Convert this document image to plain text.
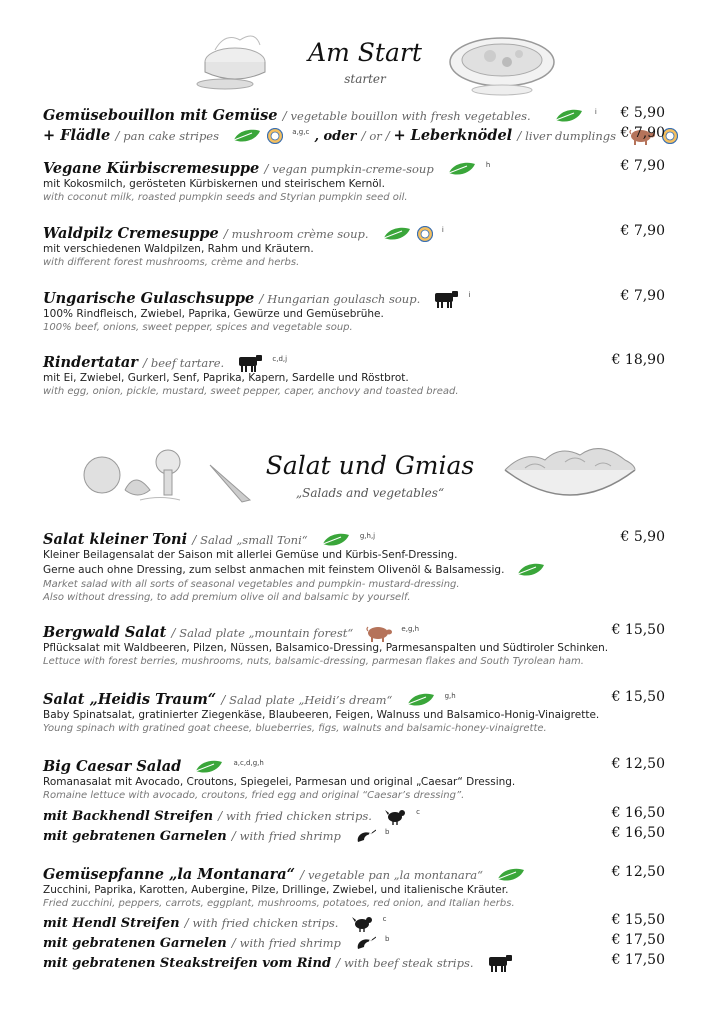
Am Start
starter
Salat und Gmias
„Salads and vegetables“
Gemüsebouillon mit Gemüse / vegetable bouillon with fresh vegetables.	$^i$ € 5,90
+ Flädle / pan cake stripes	$^{a,g,c}$ , oder / or / + Leberknödel / liver dumplings € 7,90
Vegane Kürbiscremesuppe / vegan pumpkin-creme-soup	$^h$	€ 7,90
mit Kokosmilch, gerösteten Kürbiskernen und steirischem Kernöl.
with coconut milk, roasted pumpkin seeds and Styrian pumpkin seed oil.
Waldpilz Cremesuppe / mushroom crème soup.	$^i$	€ 7,90
mit verschiedenen Waldpilzen, Rahm und Kräutern.
with different forest mushrooms, crème and herbs.
Ungarische Gulaschsuppe / Hungarian goulasch soup.	$^i$	€ 7,90
100% Rindfleisch, Zwiebel, Paprika, Gewürze und Gemüsebrühe.
100% beef, onions, sweet pepper, spices and vegetable soup.
Rindertatar / beef tartare.	$^{c,d,j}$	€ 18,90
mit Ei, Zwiebel, Gurkerl, Senf, Paprika, Kapern, Sardelle und Röstbrot.
with egg, onion, pickle, mustard, sweet pepper, caper, anchovy and toasted bread.
Salat kleiner Toni / Salad „small Toni“	$^{g,h,j}$	€ 5,90
Kleiner Beilagensalat der Saison mit allerlei Gemüse und Kürbis-Senf-Dressing.
Gerne auch ohne Dressing, zum selbst anmachen mit feinstem Olivenöl & Balsamessig.
Market salad with all sorts of seasonal vegetables and pumpkin- mustard-dressing.
Also without dressing, to add premium olive oil and balsamic by yourself.
Bergwald Salat / Salad plate „mountain forest“	$^{e,g,h}$	€ 15,50
Pflücksalat mit Waldbeeren, Pilzen, Nüssen, Balsamico-Dressing, Parmesanspalten und Südtiroler Schinken.
Lettuce with forest berries, mushrooms, nuts, balsamic-dressing, parmesan flakes and South Tyrolean ham.
Salat „Heidis Traum“ / Salad plate „Heidi’s dream“	$^{g,h}$	€ 15,50
Baby Spinatsalat, gratinierter Ziegenkäse, Blaubeeren, Feigen, Walnuss und Balsamico-Honig-Vinaigrette.
Young spinach with gratined goat cheese, blueberries, figs, walnuts and balsamic-honey-vinaigrette.
Big Caesar Salad	$^{a,c,d,g,h}$	€ 12,50
Romanasalat mit Avocado, Croutons, Spiegelei, Parmesan und original „Caesar“ Dressing.
Romaine lettuce with avocado, croutons, fried egg and original “Caesar’s dressing”.
mit Backhendl Streifen / with fried chicken strips.	$^c$	€ 16,50
mit gebratenen Garnelen / with fried shrimp	$^b$	€ 16,50
Gemüsepfanne „la Montanara“ / vegetable pan „la montanara“	€ 12,50
Zucchini, Paprika, Karotten, Aubergine, Pilze, Drillinge, Zwiebel, und italienische Kräuter.
Fried zucchini, peppers, carrots, eggplant, mushrooms, potatoes, red onion, and Italian herbs.
mit Hendl Streifen / with fried chicken strips.	$^c$	€ 15,50
mit gebratenen Garnelen / with fried shrimp	$^b$	€ 17,50
mit gebratenen Steakstreifen vom Rind / with beef steak strips.	€ 17,50
